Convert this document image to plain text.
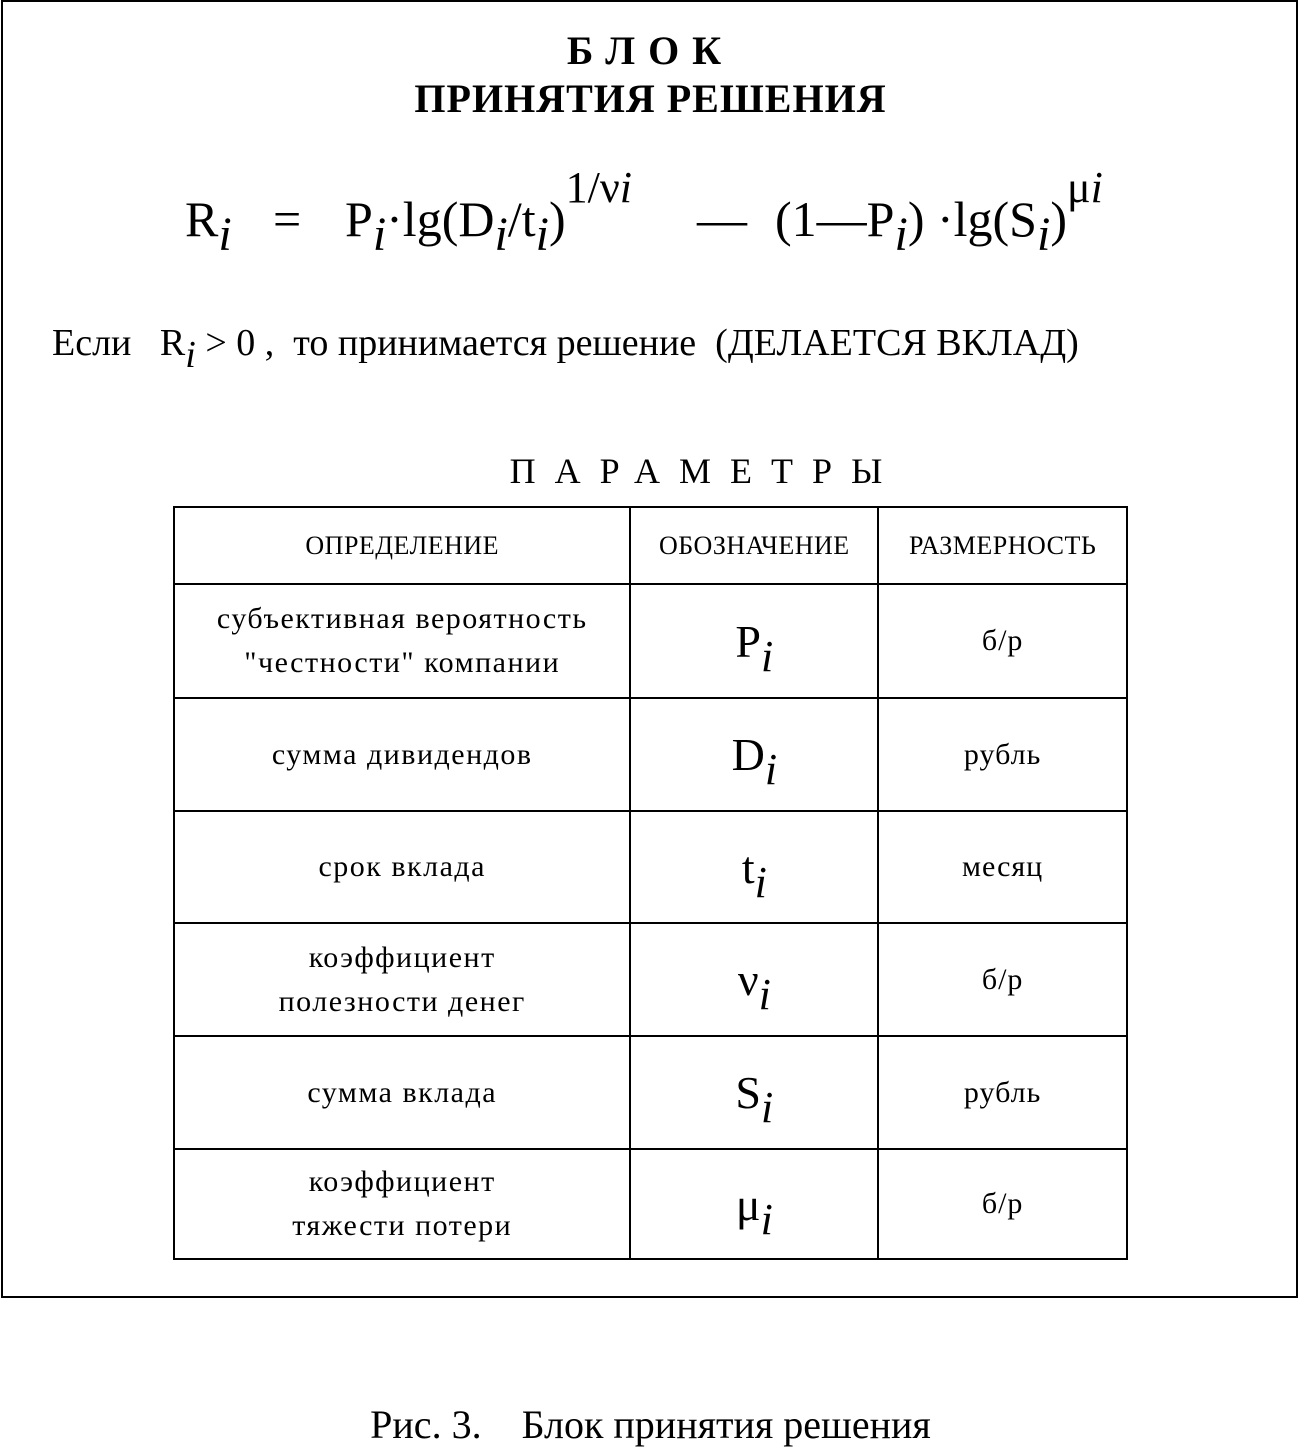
БЛОК
ПРИНЯТИЯ РЕШЕНИЯ
Ri = Pi·lg(Di/ti)1/νi
— (1—Pi) ·lg(Si)μi
Если Ri > 0 , то принимается решение (ДЕЛАЕТСЯ ВКЛАД)
ПАРАМЕТРЫ
ОПРЕДЕЛЕНИЕ	ОБОЗНАЧЕНИЕ	РАЗМЕРНОСТЬ

субъективная вероятность
"честности" компании	Pi	б/р

сумма дивидендов	Di	рубль

срок вклада	ti	месяц

коэффициент
полезности денег	νi	б/р

сумма вклада	Si	рубль

коэффициент
тяжести потери	μi	б/р
Рис. 3.    Блок принятия решения
